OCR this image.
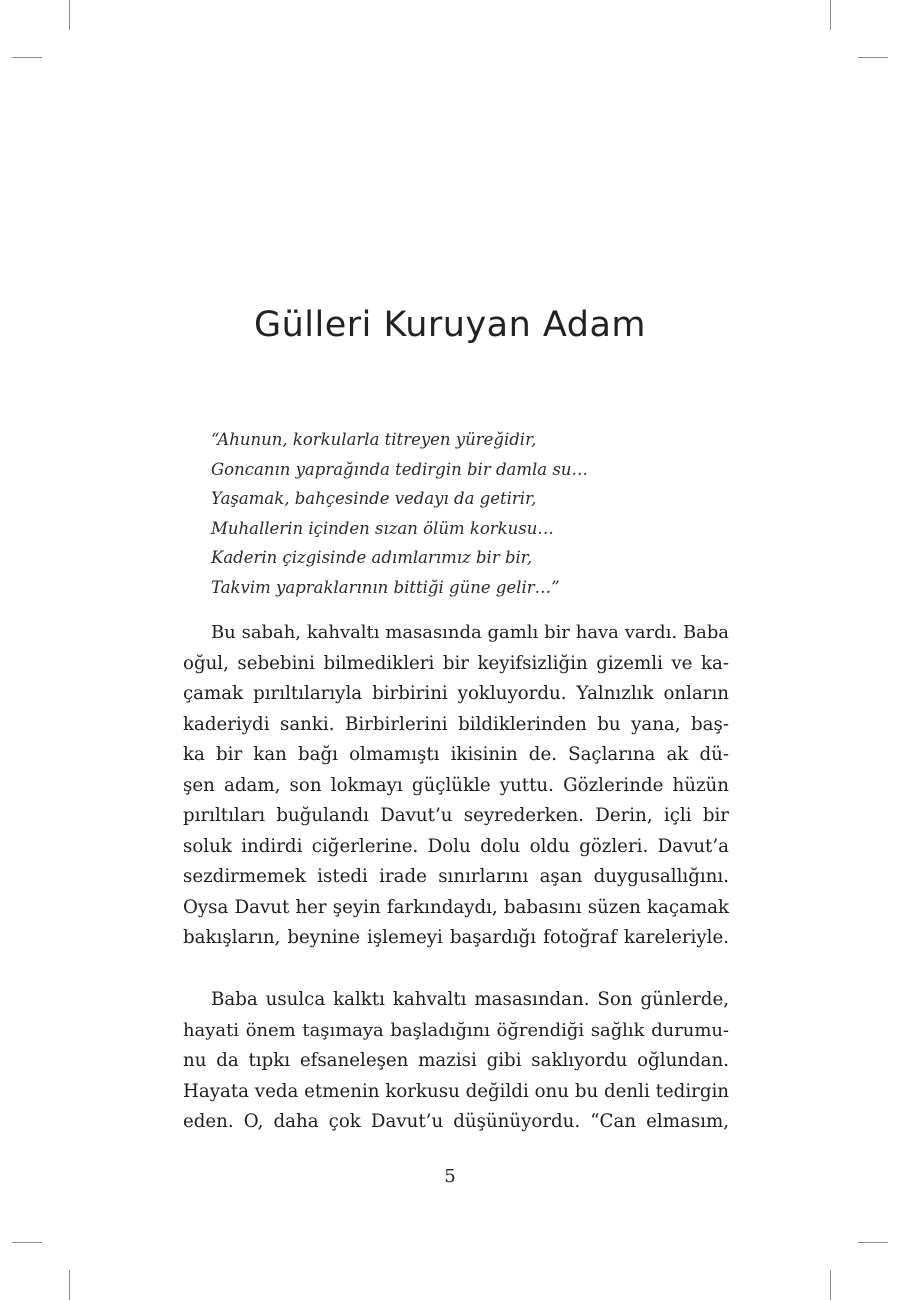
Gülleri Kuruyan Adam
“Ahunun, korkularla titreyen yüreğidir,
Goncanın yaprağında tedirgin bir damla su…
Yaşamak, bahçesinde vedayı da getirir,
Muhallerin içinden sızan ölüm korkusu…
Kaderin çizgisinde adımlarımız bir bir,
Takvim yapraklarının bittiği güne gelir…”
Bu sabah, kahvaltı masasında gamlı bir hava vardı. Baba
oğul, sebebini bilmedikleri bir keyifsizliğin gizemli ve ka-
çamak pırıltılarıyla birbirini yokluyordu. Yalnızlık onların
kaderiydi sanki. Birbirlerini bildiklerinden bu yana, baş-
ka bir kan bağı olmamıştı ikisinin de. Saçlarına ak dü-
şen adam, son lokmayı güçlükle yuttu. Gözlerinde hüzün
pırıltıları buğulandı Davut’u seyrederken. Derin, içli bir
soluk indirdi ciğerlerine. Dolu dolu oldu gözleri. Davut’a
sezdirmemek istedi irade sınırlarını aşan duygusallığını.
Oysa Davut her şeyin farkındaydı, babasını süzen kaçamak
bakışların, beynine işlemeyi başardığı fotoğraf kareleriyle.
Baba usulca kalktı kahvaltı masasından. Son günlerde,
hayati önem taşımaya başladığını öğrendiği sağlık durumu-
nu da tıpkı efsaneleşen mazisi gibi saklıyordu oğlundan.
Hayata veda etmenin korkusu değildi onu bu denli tedirgin
eden. O, daha çok Davut’u düşünüyordu. “Can elmasım,
5
